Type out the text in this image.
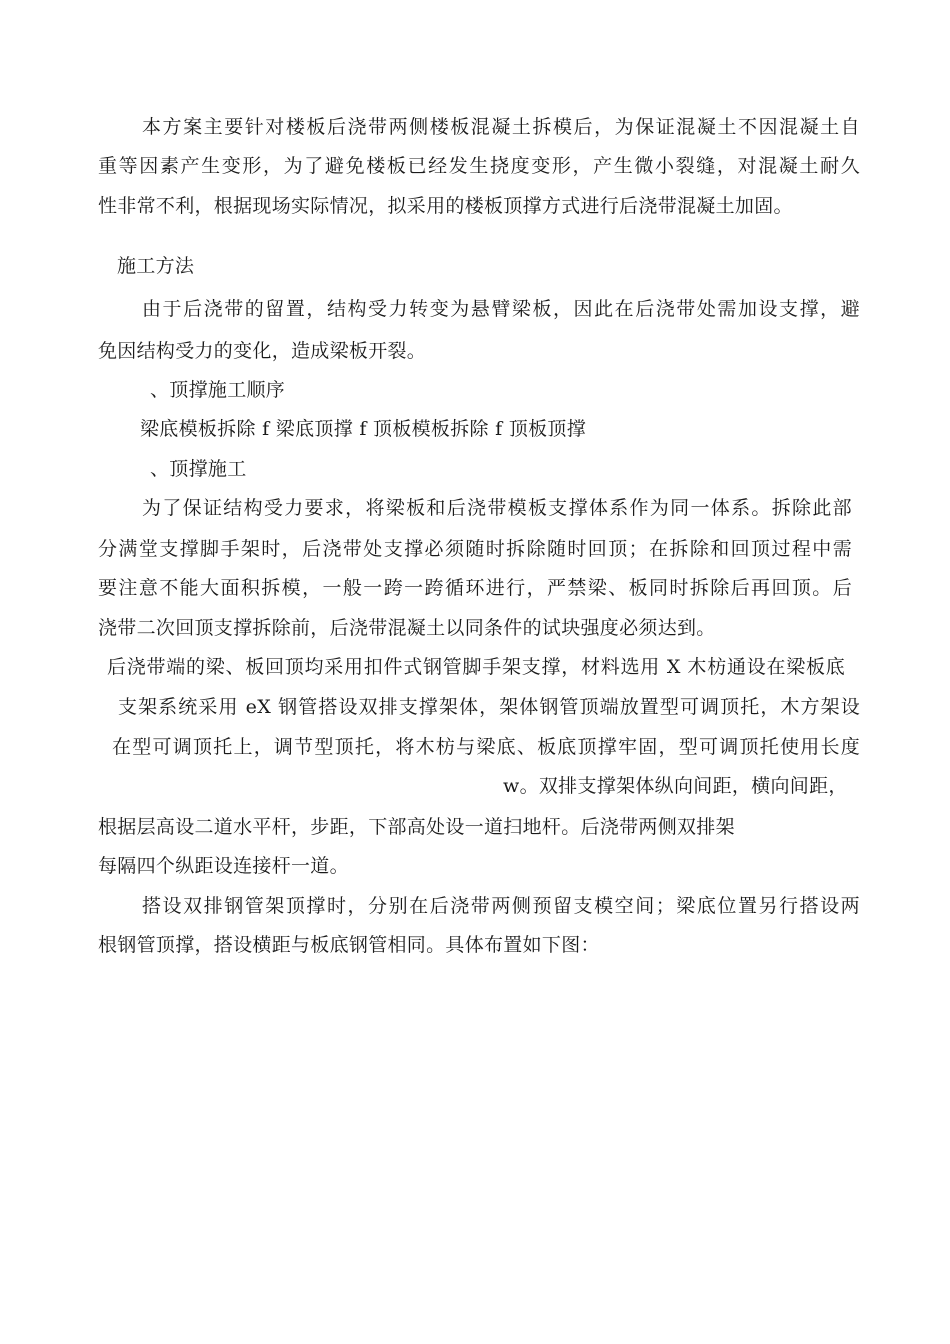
本方案主要针对楼板后浇带两侧楼板混凝土拆模后，为保证混凝土不因混凝土自
重等因素产生变形，为了避免楼板已经发生挠度变形，产生微小裂缝，对混凝土耐久
性非常不利，根据现场实际情况，拟采用的楼板顶撑方式进行后浇带混凝土加固。
施工方法
由于后浇带的留置，结构受力转变为悬臂梁板，因此在后浇带处需加设支撑，避
免因结构受力的变化，造成梁板开裂。
、顶撑施工顺序
梁底模板拆除 f 梁底顶撑 f 顶板模板拆除 f 顶板顶撑
、顶撑施工
为了保证结构受力要求，将梁板和后浇带模板支撑体系作为同一体系。拆除此部
分满堂支撑脚手架时，后浇带处支撑必须随时拆除随时回顶；在拆除和回顶过程中需
要注意不能大面积拆模，一般一跨一跨循环进行，严禁梁、板同时拆除后再回顶。后
浇带二次回顶支撑拆除前，后浇带混凝土以同条件的试块强度必须达到。
后浇带端的梁、板回顶均采用扣件式钢管脚手架支撑，材料选用 X 木枋通设在梁板底
支架系统采用 eX 钢管搭设双排支撑架体，架体钢管顶端放置型可调顶托，木方架设
在型可调顶托上，调节型顶托，将木枋与梁底、板底顶撑牢固，型可调顶托使用长度
w。双排支撑架体纵向间距，横向间距，
根据层高设二道水平杆，步距，下部高处设一道扫地杆。后浇带两侧双排架
每隔四个纵距设连接杆一道。
搭设双排钢管架顶撑时，分别在后浇带两侧预留支模空间；梁底位置另行搭设两
根钢管顶撑，搭设横距与板底钢管相同。具体布置如下图：
